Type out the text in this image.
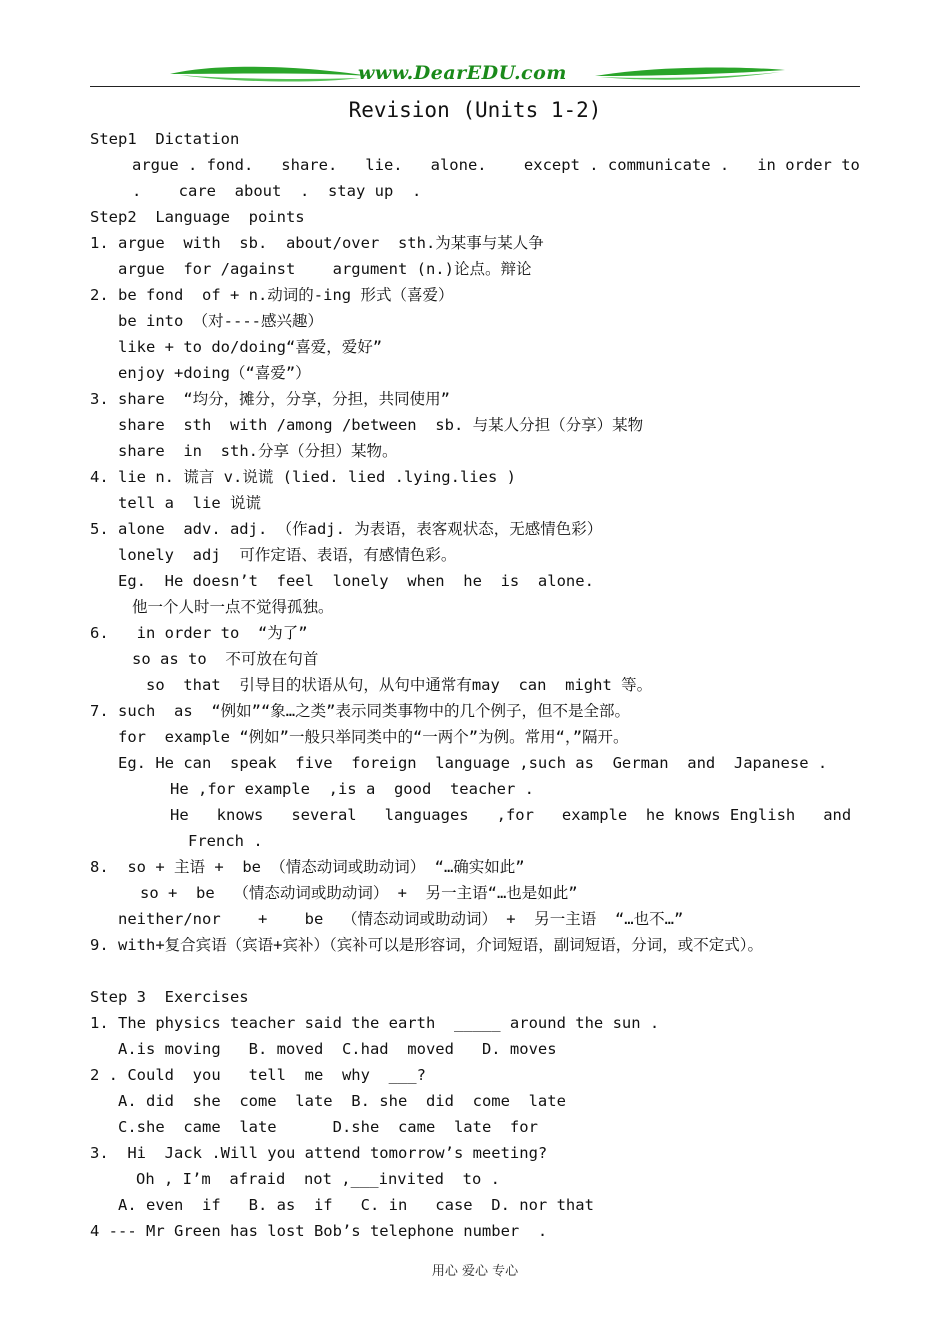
www.DearEDU.com
Revision (Units 1-2)
Step1  Dictation
argue . fond.   share.   lie.   alone.    except . communicate .   in order to
.    care  about  .  stay up  .
Step2  Language  points
1. argue  with  sb.  about/over  sth.为某事与某人争
argue  for /against    argument (n.)论点。辩论
2. be fond  of + n.动词的-ing 形式（喜爱）
be into （对----感兴趣）
like + to do/doing“喜爱，爱好”
enjoy +doing（“喜爱”）
3. share  “均分，摊分，分享，分担，共同使用”
share  sth  with /among /between  sb. 与某人分担（分享）某物
share  in  sth.分享（分担）某物。
4. lie n. 谎言 v.说谎 (lied. lied .lying.lies )
tell a  lie 说谎
5. alone  adv. adj. （作adj. 为表语，表客观状态，无感情色彩）
lonely  adj  可作定语、表语，有感情色彩。
Eg.  He doesn’t  feel  lonely  when  he  is  alone.
他一个人时一点不觉得孤独。
6.   in order to  “为了”
so as to  不可放在句首
so  that  引导目的状语从句，从句中通常有may  can  might 等。
7. such  as  “例如”“象…之类”表示同类事物中的几个例子，但不是全部。
for  example “例如”一般只举同类中的“一两个”为例。常用“，”隔开。
Eg. He can  speak  five  foreign  language ,such as  German  and  Japanese .
He ,for example  ,is a  good  teacher .
He   knows   several   languages   ,for   example  he knows English   and
French .
8.  so + 主语 +  be （情态动词或助动词） “…确实如此”
so +  be  （情态动词或助动词） +  另一主语“…也是如此”
neither/nor    +    be  （情态动词或助动词） +  另一主语  “…也不…”
9. with+复合宾语（宾语+宾补）（宾补可以是形容词，介词短语，副词短语，分词，或不定式）。
Step 3  Exercises
1. The physics teacher said the earth  _____ around the sun .
A.is moving   B. moved  C.had  moved   D. moves
2 . Could  you   tell  me  why  ___?
A. did  she  come  late  B. she  did  come  late
C.she  came  late      D.she  came  late  for
3.  Hi  Jack .Will you attend tomorrow’s meeting?
Oh , I’m  afraid  not ,___invited  to .
A. even  if   B. as  if   C. in   case  D. nor that
4 --- Mr Green has lost Bob’s telephone number  .
用心 爱心 专心
